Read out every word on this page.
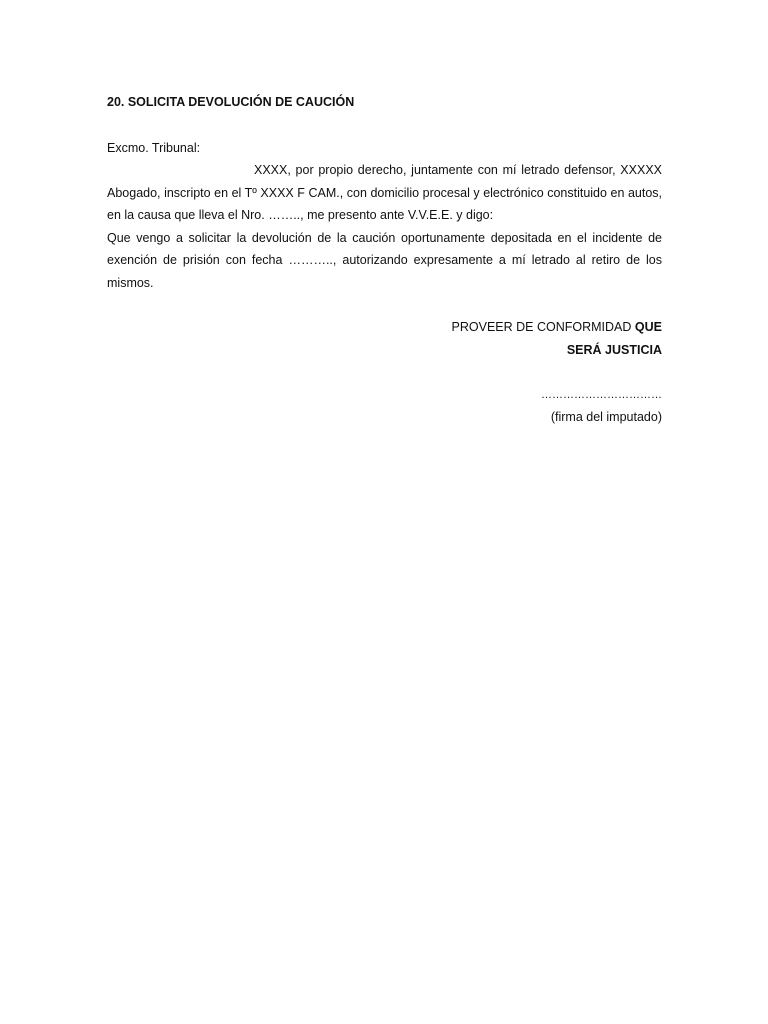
20. SOLICITA DEVOLUCIÓN DE CAUCIÓN

Excmo. Tribunal:

XXXX, por propio derecho, juntamente con mí letrado defensor, XXXXX Abogado, inscripto en el Tº XXXX F CAM., con domicilio procesal y electrónico constituido en autos, en la causa que lleva el Nro. …….., me presento ante V.V.E.E. y digo:

Que vengo a solicitar la devolución de la caución oportunamente depositada en el incidente de exención de prisión con fecha ……….., autorizando expresamente a mí letrado al retiro de los mismos.

PROVEER DE CONFORMIDAD QUE
SERÁ JUSTICIA

……………………………

(firma del imputado)
